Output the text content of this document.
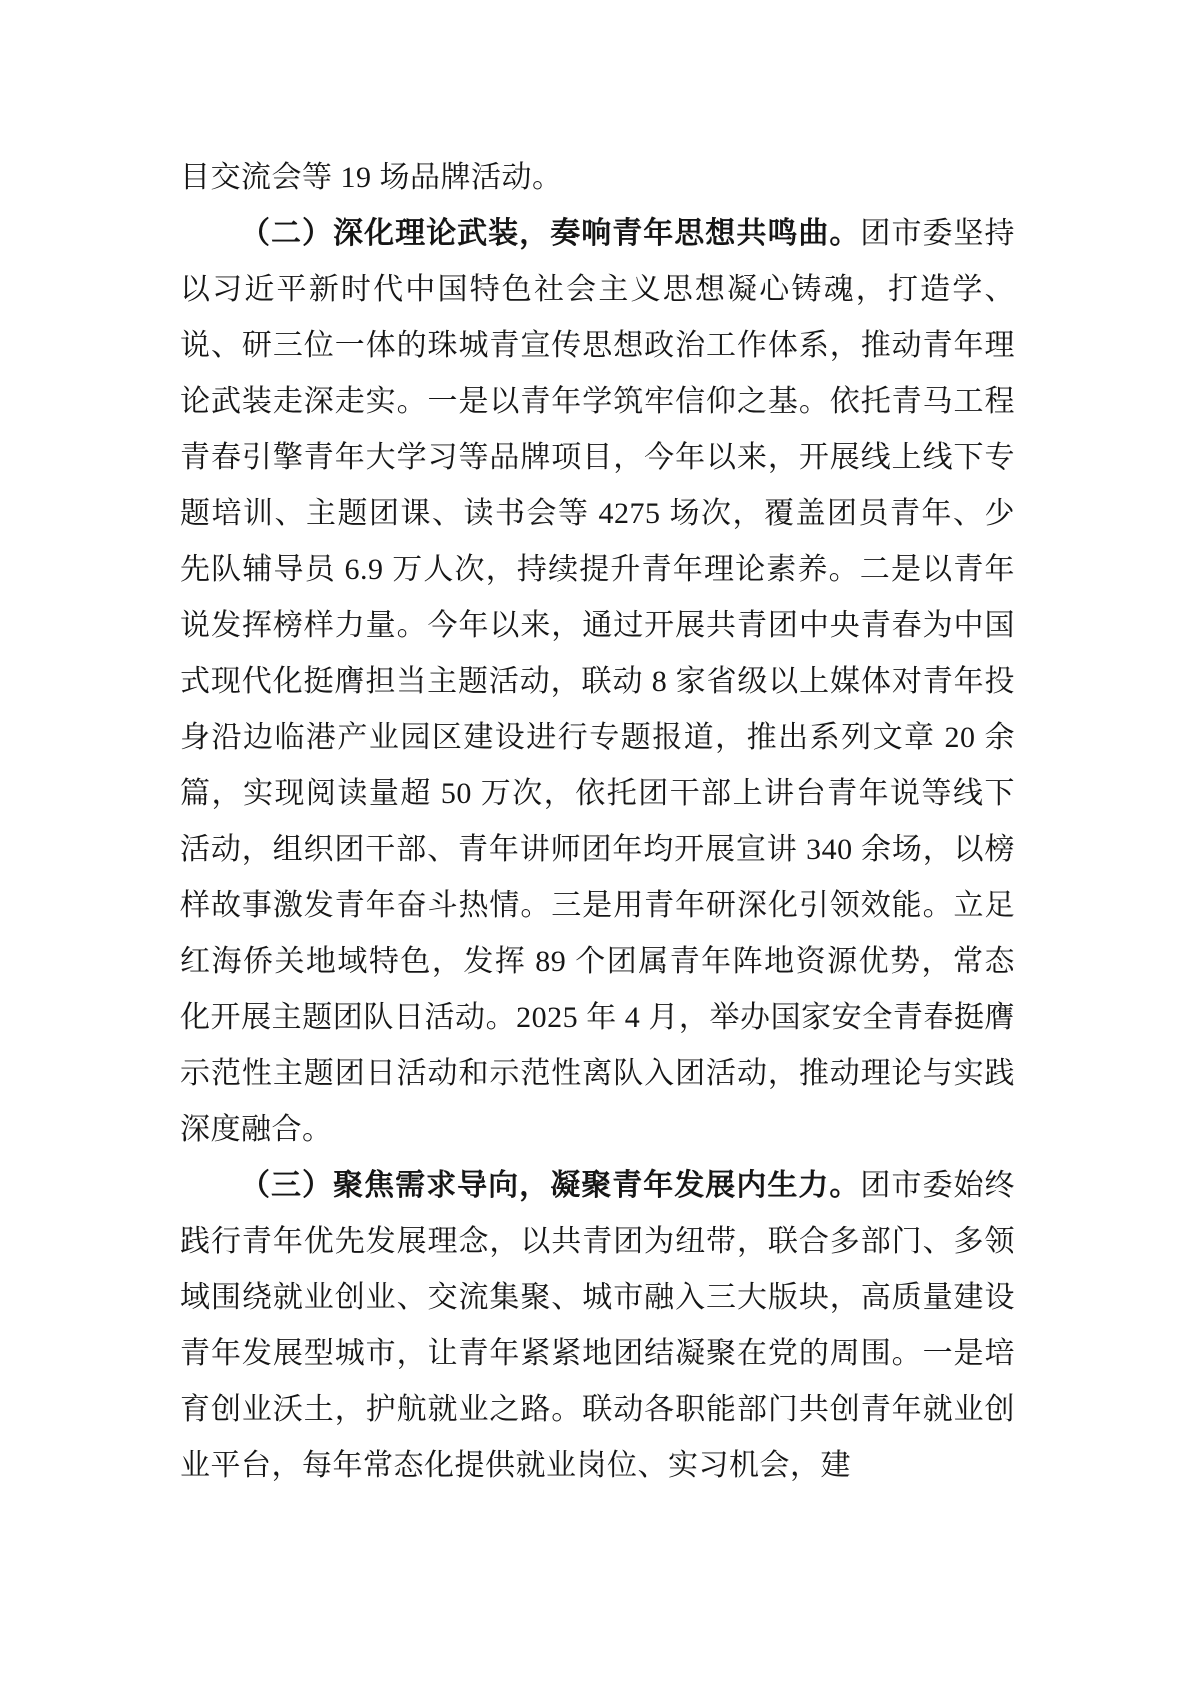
目交流会等 19 场品牌活动。

（二）深化理论武装，奏响青年思想共鸣曲。团市委坚持以习近平新时代中国特色社会主义思想凝心铸魂，打造学、说、研三位一体的珠城青宣传思想政治工作体系，推动青年理论武装走深走实。一是以青年学筑牢信仰之基。依托青马工程青春引擎青年大学习等品牌项目，今年以来，开展线上线下专题培训、主题团课、读书会等 4275 场次，覆盖团员青年、少先队辅导员 6.9 万人次，持续提升青年理论素养。二是以青年说发挥榜样力量。今年以来，通过开展共青团中央青春为中国式现代化挺膺担当主题活动，联动 8 家省级以上媒体对青年投身沿边临港产业园区建设进行专题报道，推出系列文章 20 余篇，实现阅读量超 50 万次，依托团干部上讲台青年说等线下活动，组织团干部、青年讲师团年均开展宣讲 340 余场，以榜样故事激发青年奋斗热情。三是用青年研深化引领效能。立足红海侨关地域特色，发挥 89 个团属青年阵地资源优势，常态化开展主题团队日活动。2025 年 4 月，举办国家安全青春挺膺示范性主题团日活动和示范性离队入团活动，推动理论与实践深度融合。

（三）聚焦需求导向，凝聚青年发展内生力。团市委始终践行青年优先发展理念，以共青团为纽带，联合多部门、多领域围绕就业创业、交流集聚、城市融入三大版块，高质量建设青年发展型城市，让青年紧紧地团结凝聚在党的周围。一是培育创业沃土，护航就业之路。联动各职能部门共创青年就业创业平台，每年常态化提供就业岗位、实习机会，建
